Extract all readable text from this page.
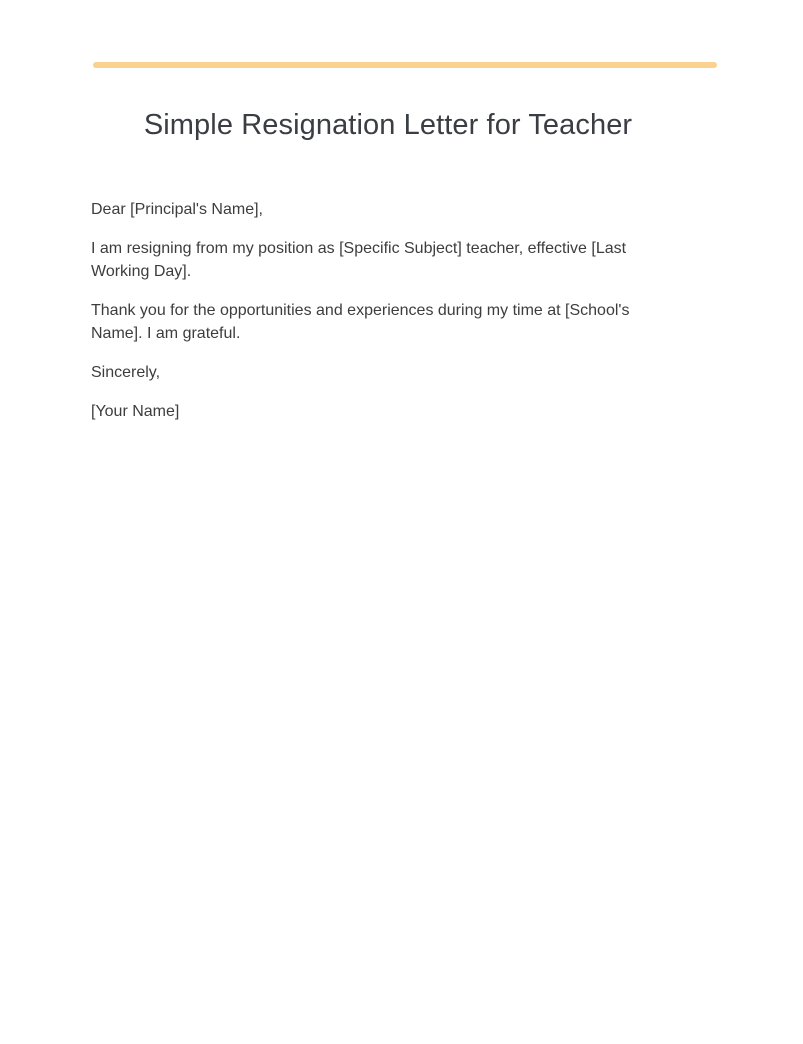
Simple Resignation Letter for Teacher

Dear [Principal's Name],

I am resigning from my position as [Specific Subject] teacher, effective [Last Working Day].

Thank you for the opportunities and experiences during my time at [School's Name]. I am grateful.

Sincerely,

[Your Name]
